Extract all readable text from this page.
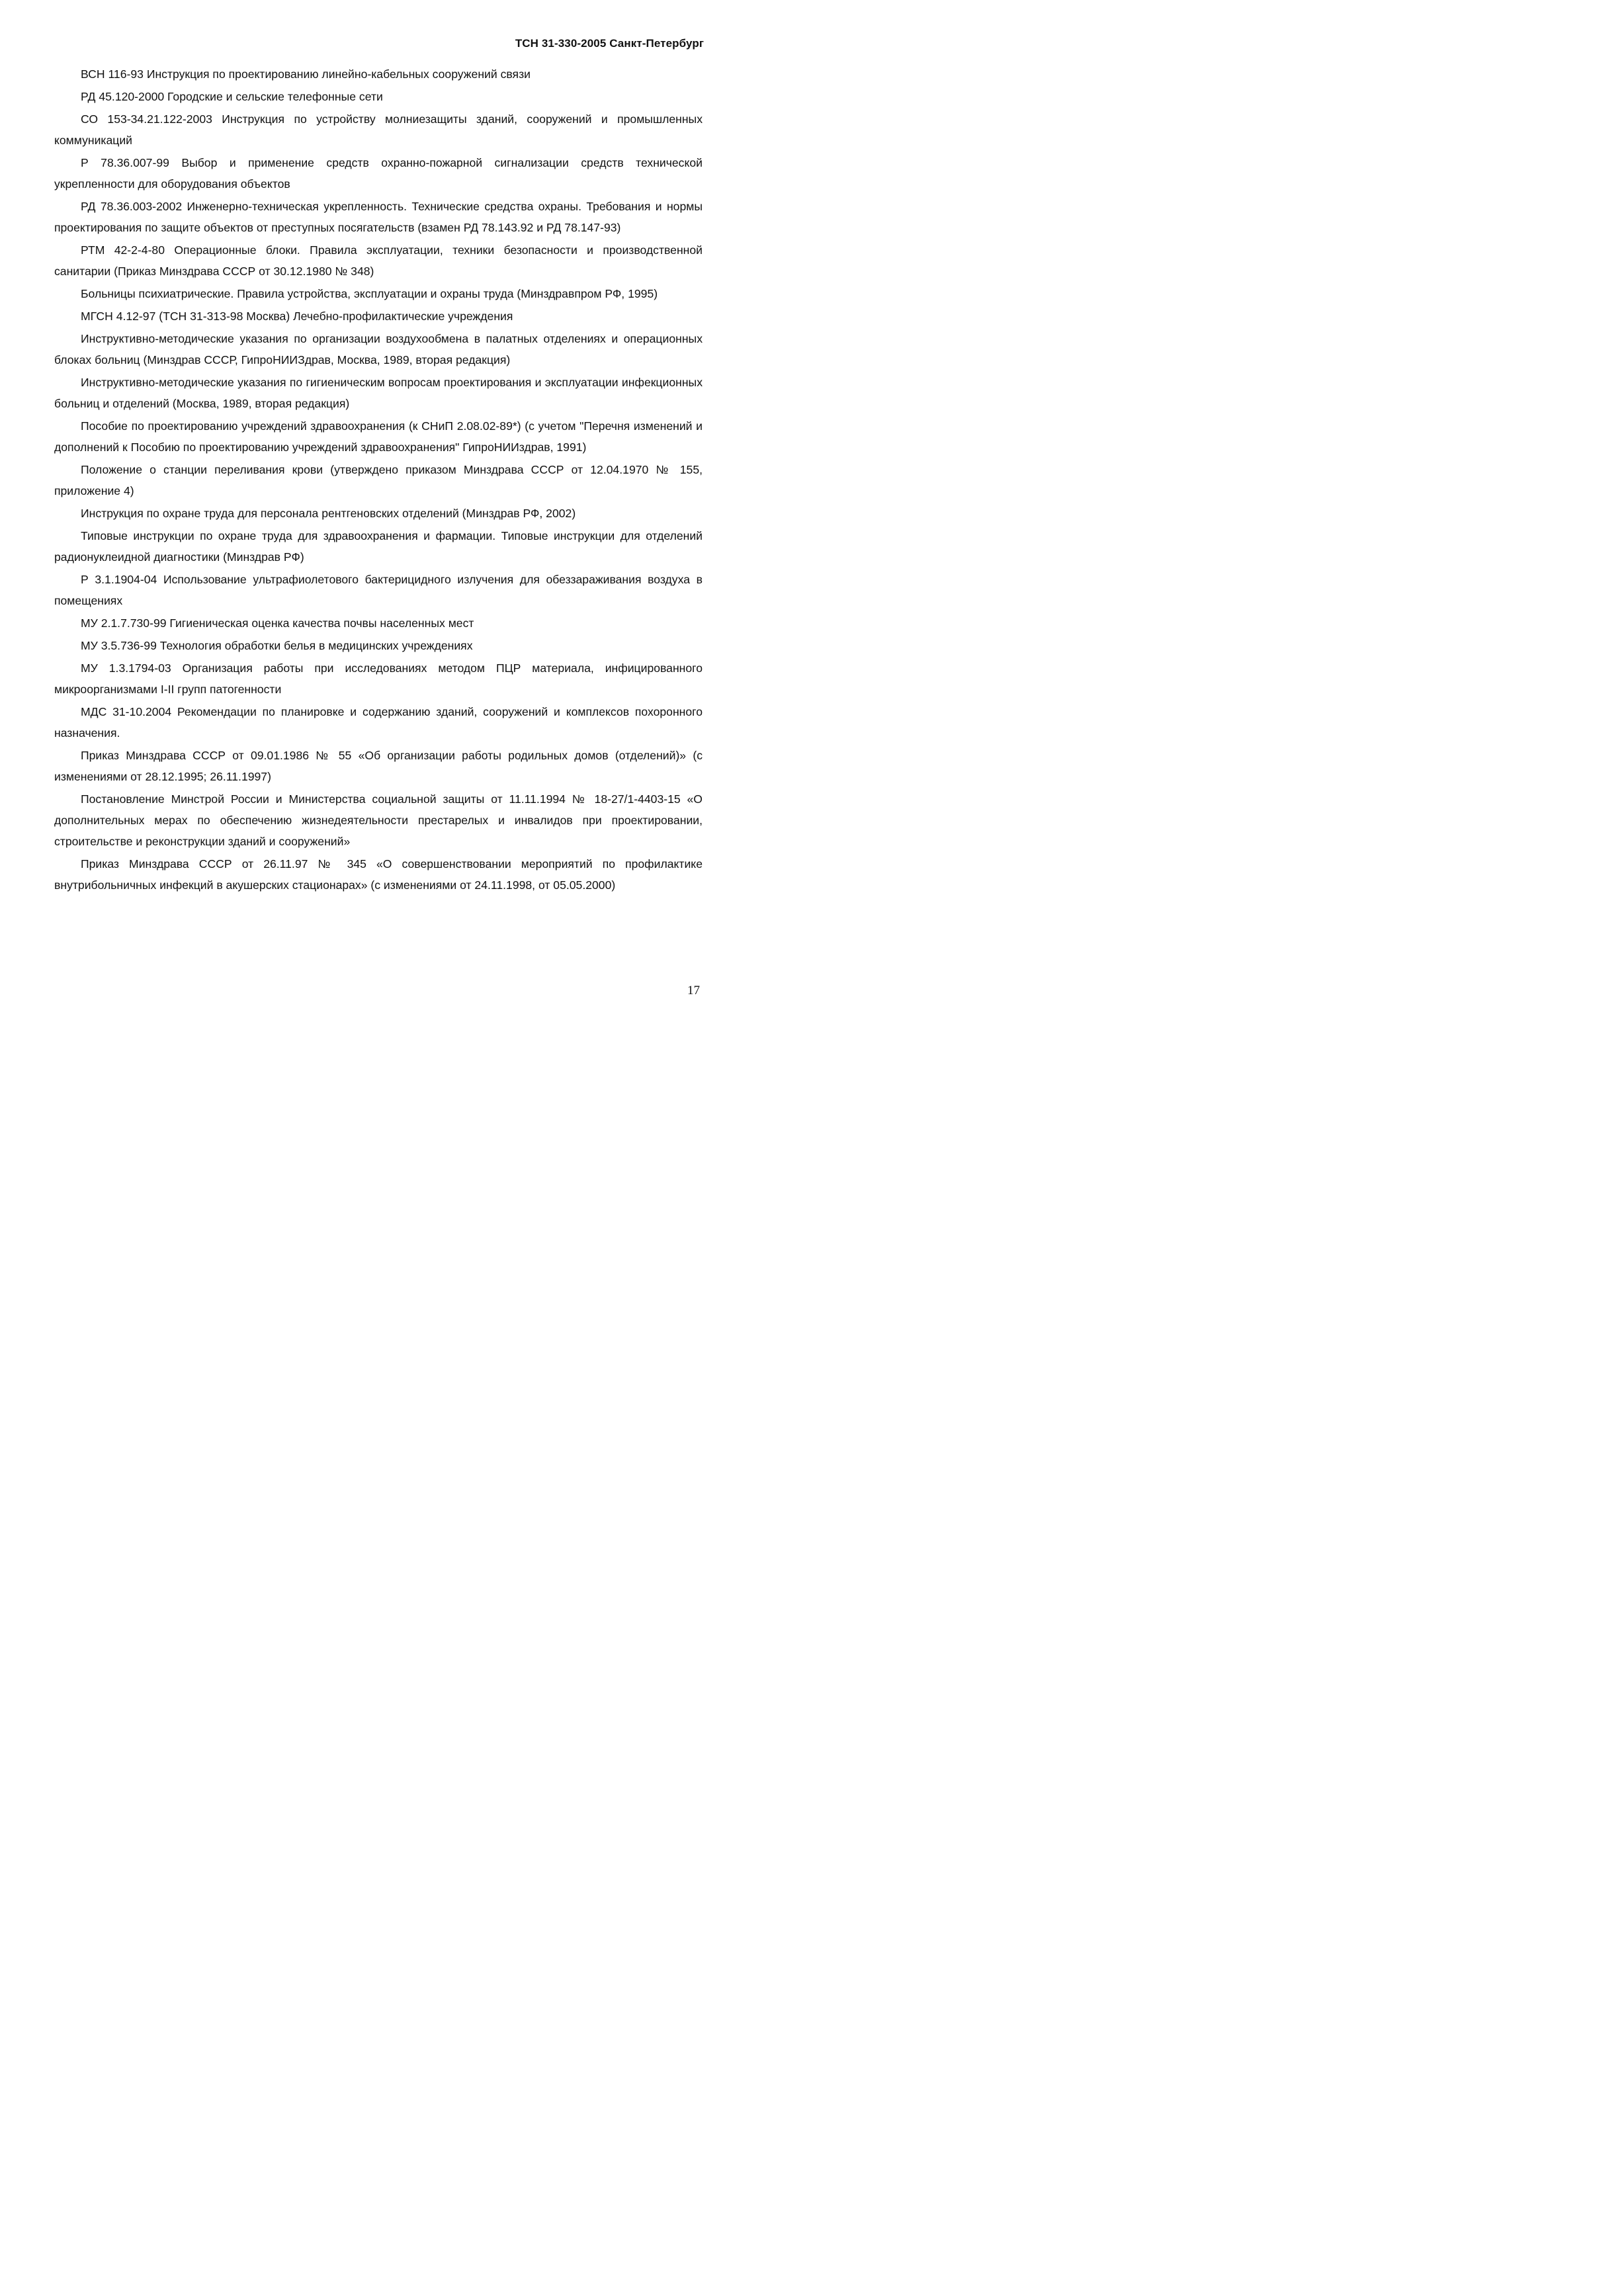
ТСН 31-330-2005 Санкт-Петербург

ВСН 116-93 Инструкция по проектированию линейно-кабельных сооружений связи

РД 45.120-2000 Городские и сельские телефонные сети

СО 153-34.21.122-2003 Инструкция по устройству молниезащиты зданий, сооружений и промышленных коммуникаций

Р 78.36.007-99 Выбор и применение средств охранно-пожарной сигнализации средств технической укрепленности для оборудования объектов

РД 78.36.003-2002 Инженерно-техническая укрепленность. Технические средства охраны. Требования и нормы проектирования по защите объектов от преступных посягательств (взамен РД 78.143.92 и РД 78.147-93)

РТМ 42-2-4-80 Операционные блоки. Правила эксплуатации, техники безопасности и производственной санитарии (Приказ Минздрава СССР от 30.12.1980 № 348)

Больницы психиатрические. Правила устройства, эксплуатации и охраны труда (Минздравпром РФ, 1995)

МГСН 4.12-97 (ТСН 31-313-98 Москва) Лечебно-профилактические учреждения

Инструктивно-методические указания по организации воздухообмена в палатных отделениях и операционных блоках больниц (Минздрав СССР, ГипроНИИЗдрав, Москва, 1989, вторая редакция)

Инструктивно-методические указания по гигиеническим вопросам проектирования и эксплуатации инфекционных больниц и отделений (Москва, 1989, вторая редакция)

Пособие по проектированию учреждений здравоохранения (к СНиП 2.08.02-89*) (с учетом "Перечня изменений и дополнений к Пособию по проектированию учреждений здравоохранения" ГипроНИИздрав, 1991)

Положение о станции переливания крови (утверждено приказом Минздрава СССР от 12.04.1970 № 155, приложение 4)

Инструкция по охране труда для персонала рентгеновских отделений (Минздрав РФ, 2002)

Типовые инструкции по охране труда для здравоохранения и фармации. Типовые инструкции для отделений радионуклеидной диагностики (Минздрав РФ)

Р 3.1.1904-04 Использование ультрафиолетового бактерицидного излучения для обеззараживания воздуха в помещениях

МУ 2.1.7.730-99 Гигиеническая оценка качества почвы населенных мест

МУ 3.5.736-99 Технология обработки белья в медицинских учреждениях

МУ 1.3.1794-03 Организация работы при исследованиях методом ПЦР материала, инфицированного микроорганизмами I-II групп патогенности

МДС 31-10.2004 Рекомендации по планировке и содержанию зданий, сооружений и комплексов похоронного назначения.

Приказ Минздрава СССР от 09.01.1986 № 55 «Об организации работы родильных домов (отделений)» (с изменениями от 28.12.1995; 26.11.1997)

Постановление Минстрой России и Министерства социальной защиты от 11.11.1994 № 18-27/1-4403-15 «О дополнительных мерах по обеспечению жизнедеятельности престарелых и инвалидов при проектировании, строительстве и реконструкции зданий и сооружений»

Приказ Минздрава СССР от 26.11.97 № 345 «О совершенствовании мероприятий по профилактике внутрибольничных инфекций в акушерских стационарах» (с изменениями от 24.11.1998, от 05.05.2000)

17
